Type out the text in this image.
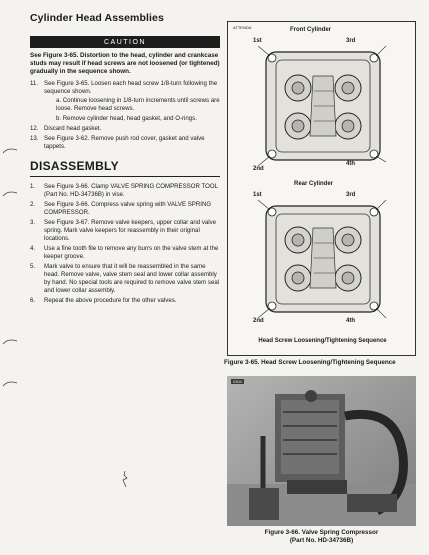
Cylinder Head Assemblies
CAUTION
See Figure 3-65. Distortion to the head, cylinder and crankcase studs may result if head screws are not loosened (or tightened) gradually in the sequence shown.
11. See Figure 3-65. Loosen each head screw 1/8-turn following the sequence shown.
a. Continue loosening in 1/8-turn increments until screws are loose. Remove head screws.
b. Remove cylinder head, head gasket, and O-rings.
12. Discard head gasket.
13. See Figure 3-62. Remove push rod cover, gasket and valve tappets.
DISASSEMBLY
1. See Figure 3-66. Clamp VALVE SPRING COMPRESSOR TOOL (Part No. HD-34736B) in vise.
2. See Figure 3-66. Compress valve spring with VALVE SPRING COMPRESSOR.
3. See Figure 3-67. Remove valve keepers, upper collar and valve spring. Mark valve keepers for reassembly in their original locations.
4. Use a fine tooth file to remove any burrs on the valve stem at the keeper groove.
5. Mark valve to ensure that it will be reassembled in the same head. Remove valve, valve stem seal and lower collar assembly by hand. No special tools are required to remove valve stem seal and lower collar assembly.
6. Repeat the above procedure for the other valves.
ATTENDA	Front Cylinder
1st	3rd
2nd
4th
Rear Cylinder
1st	3rd
2nd	4th
Head Screw Loosening/Tightening Sequence
Figure 3-65. Head Screw Loosening/Tightening Sequence
0304
Figure 3-66. Valve Spring Compressor
(Part No. HD-34736B)
